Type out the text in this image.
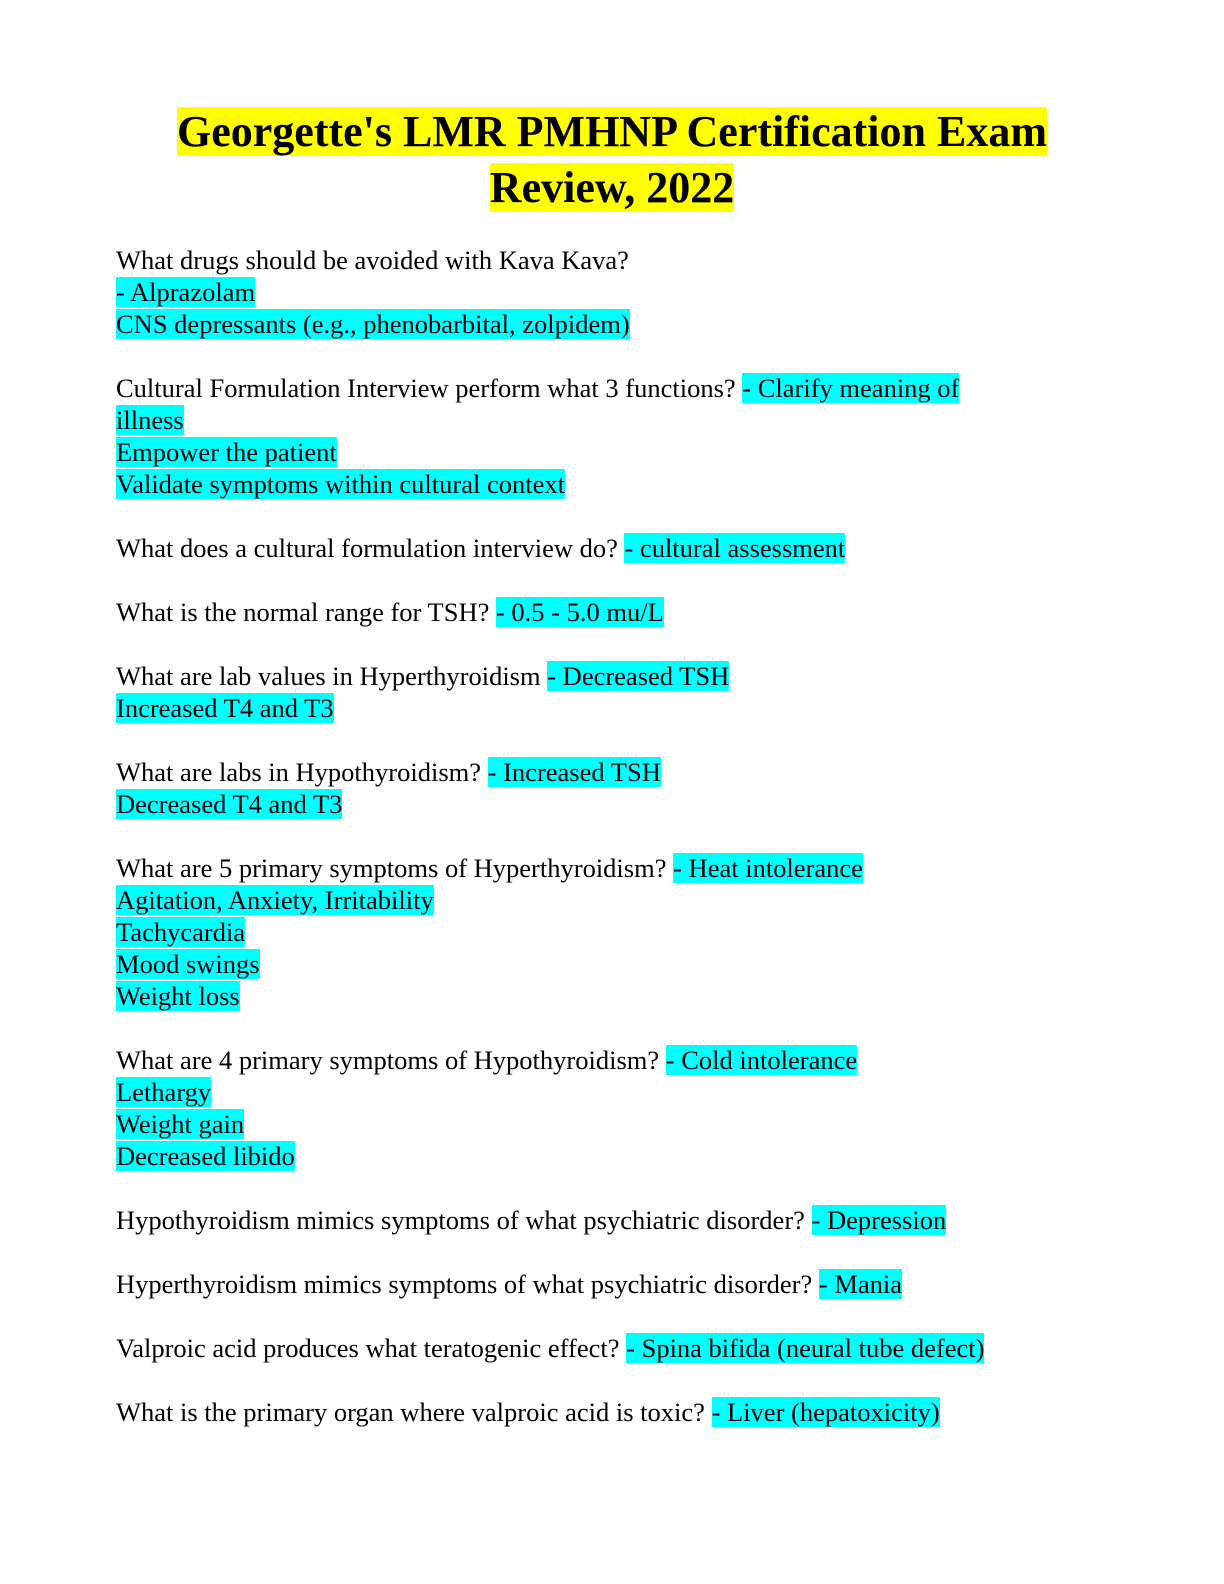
Georgette's LMR PMHNP Certification Exam
Review, 2022
What drugs should be avoided with Kava Kava?
- Alprazolam
CNS depressants (e.g., phenobarbital, zolpidem)
Cultural Formulation Interview perform what 3 functions? - Clarify meaning of
illness
Empower the patient
Validate symptoms within cultural context
What does a cultural formulation interview do? - cultural assessment
What is the normal range for TSH? - 0.5 - 5.0 mu/L
What are lab values in Hyperthyroidism - Decreased TSH
Increased T4 and T3
What are labs in Hypothyroidism? - Increased TSH
Decreased T4 and T3
What are 5 primary symptoms of Hyperthyroidism? - Heat intolerance
Agitation, Anxiety, Irritability
Tachycardia
Mood swings
Weight loss
What are 4 primary symptoms of Hypothyroidism? - Cold intolerance
Lethargy
Weight gain
Decreased libido
Hypothyroidism mimics symptoms of what psychiatric disorder? - Depression
Hyperthyroidism mimics symptoms of what psychiatric disorder? - Mania
Valproic acid produces what teratogenic effect? - Spina bifida (neural tube defect)
What is the primary organ where valproic acid is toxic? - Liver (hepatoxicity)
